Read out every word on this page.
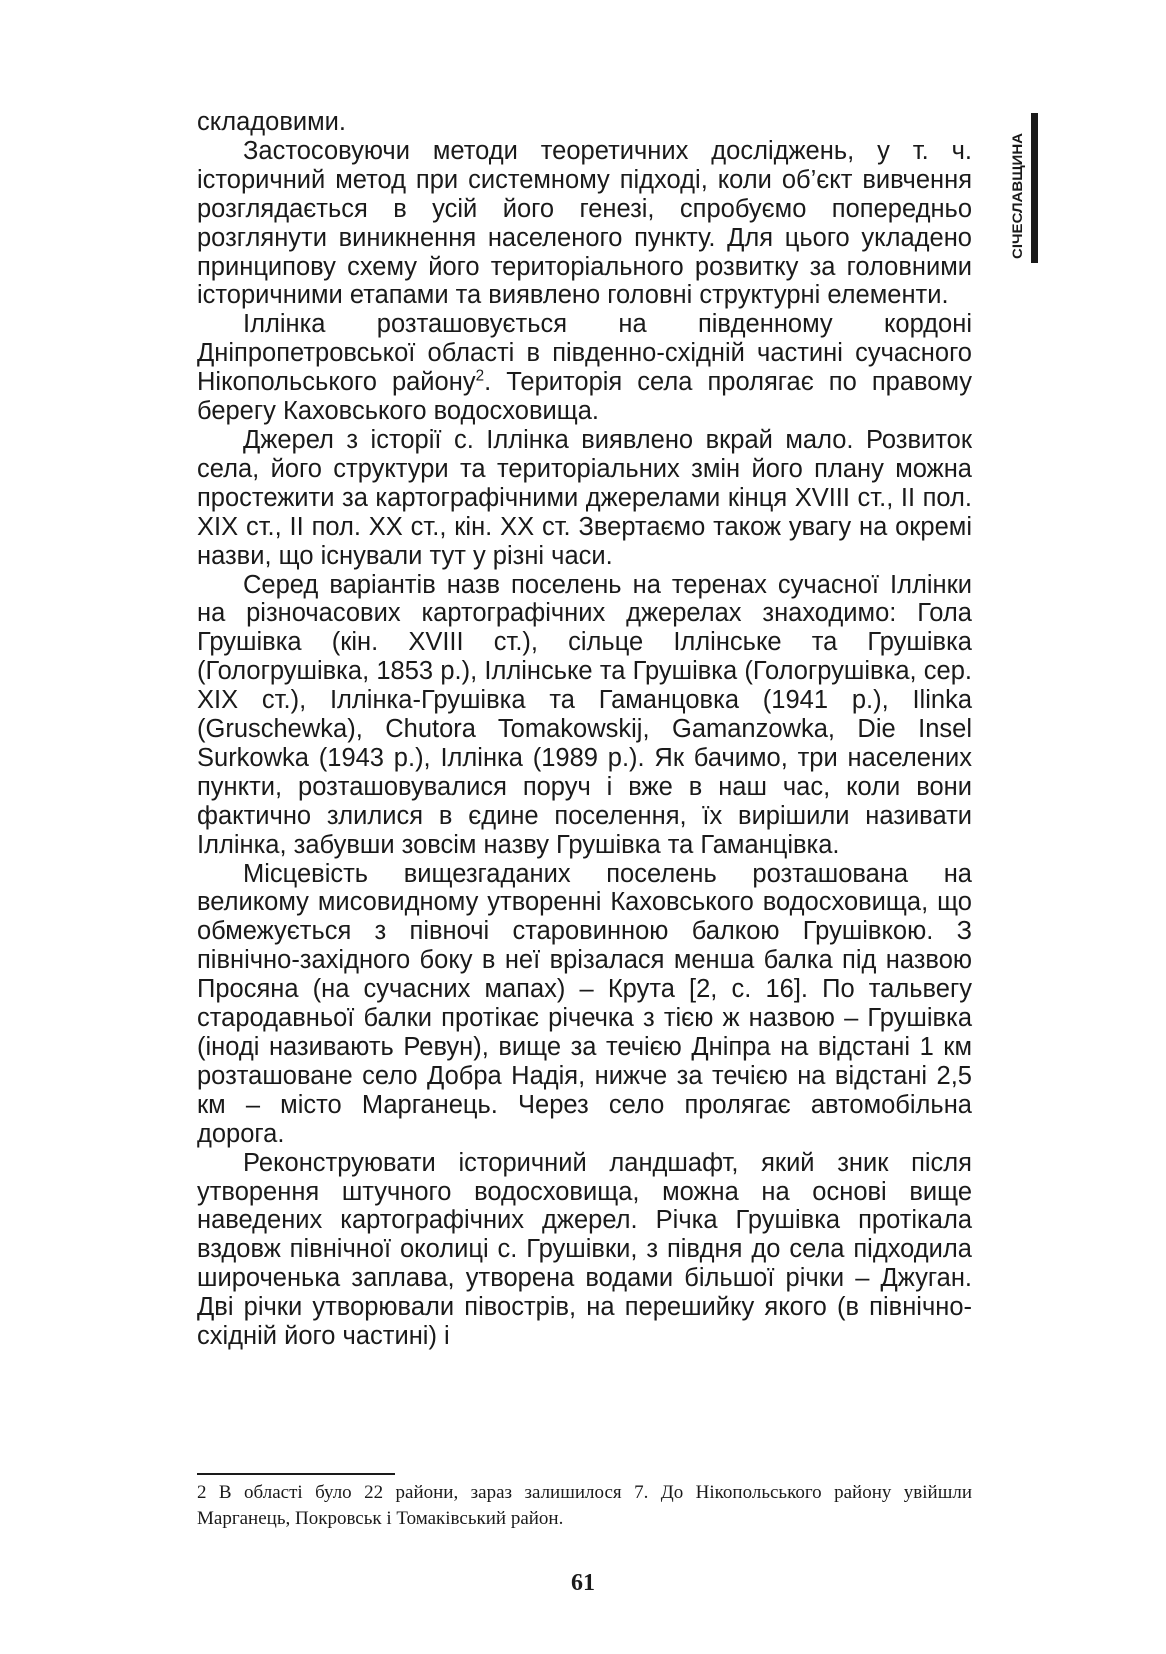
складовими.

Застосовуючи методи теоретичних досліджень, у т. ч. історичний метод при системному підході, коли об’єкт вивчення розглядається в усій його генезі, спробуємо попередньо розглянути виникнення населеного пункту. Для цього укладено принципову схему його територіального розвитку за головними історичними етапами та виявлено головні структурні елементи.

Іллінка розташовується на південному кордоні Дніпропетровської області в південно-східній частині сучасного Нікопольського району$^2$. Територія села пролягає по правому берегу Каховського водосховища.

Джерел з історії с. Іллінка виявлено вкрай мало. Розвиток села, його структури та територіальних змін його плану можна простежити за картографічними джерелами кінця XVIII ст., II пол. XIX ст., II пол. XX ст., кін. XX ст. Звертаємо також увагу на окремі назви, що існували тут у різні часи.

Серед варіантів назв поселень на теренах сучасної Іллінки на різночасових картографічних джерелах знаходимо: Гола Грушівка (кін. XVIII ст.), сільце Іллінське та Грушівка (Гологрушівка, 1853 р.), Іллінське та Грушівка (Гологрушівка, сер. XIX ст.), Іллінка-Грушівка та Гаманцовка (1941 р.), Ilinka (Gruschewka), Chutora Tomakowskij, Gamanzowka, Die Insel Surkowka (1943 р.), Іллінка (1989 р.). Як бачимо, три населених пункти, розташовувалися поруч і вже в наш час, коли вони фактично злилися в єдине поселення, їх вирішили називати Іллінка, забувши зовсім назву Грушівка та Гаманцівка.

Місцевість вищезгаданих поселень розташована на великому мисовидному утворенні Каховського водосховища, що обмежується з півночі старовинною балкою Грушівкою. З північно-західного боку в неї врізалася менша балка під назвою Просяна (на сучасних мапах) – Крута [2, с. 16]. По тальвегу стародавньої балки протікає річечка з тією ж назвою – Грушівка (іноді називають Ревун), вище за течією Дніпра на відстані 1 км розташоване село Добра Надія, нижче за течією на відстані 2,5 км – місто Марганець. Через село пролягає автомобільна дорога.

Реконструювати історичний ландшафт, який зник після утворення штучного водосховища, можна на основі вище наведених картографічних джерел. Річка Грушівка протікала вздовж північної околиці с. Грушівки, з півдня до села підходила широченька заплава, утворена водами більшої річки – Джуган. Дві річки утворювали півострів, на перешийку якого (в північно-східній його частині) і

2 В області було 22 райони, зараз залишилося 7. До Нікопольського району увійшли Марганець, Покровськ і Томаківський район.

61
СІЧЕСЛАВЩИНА
